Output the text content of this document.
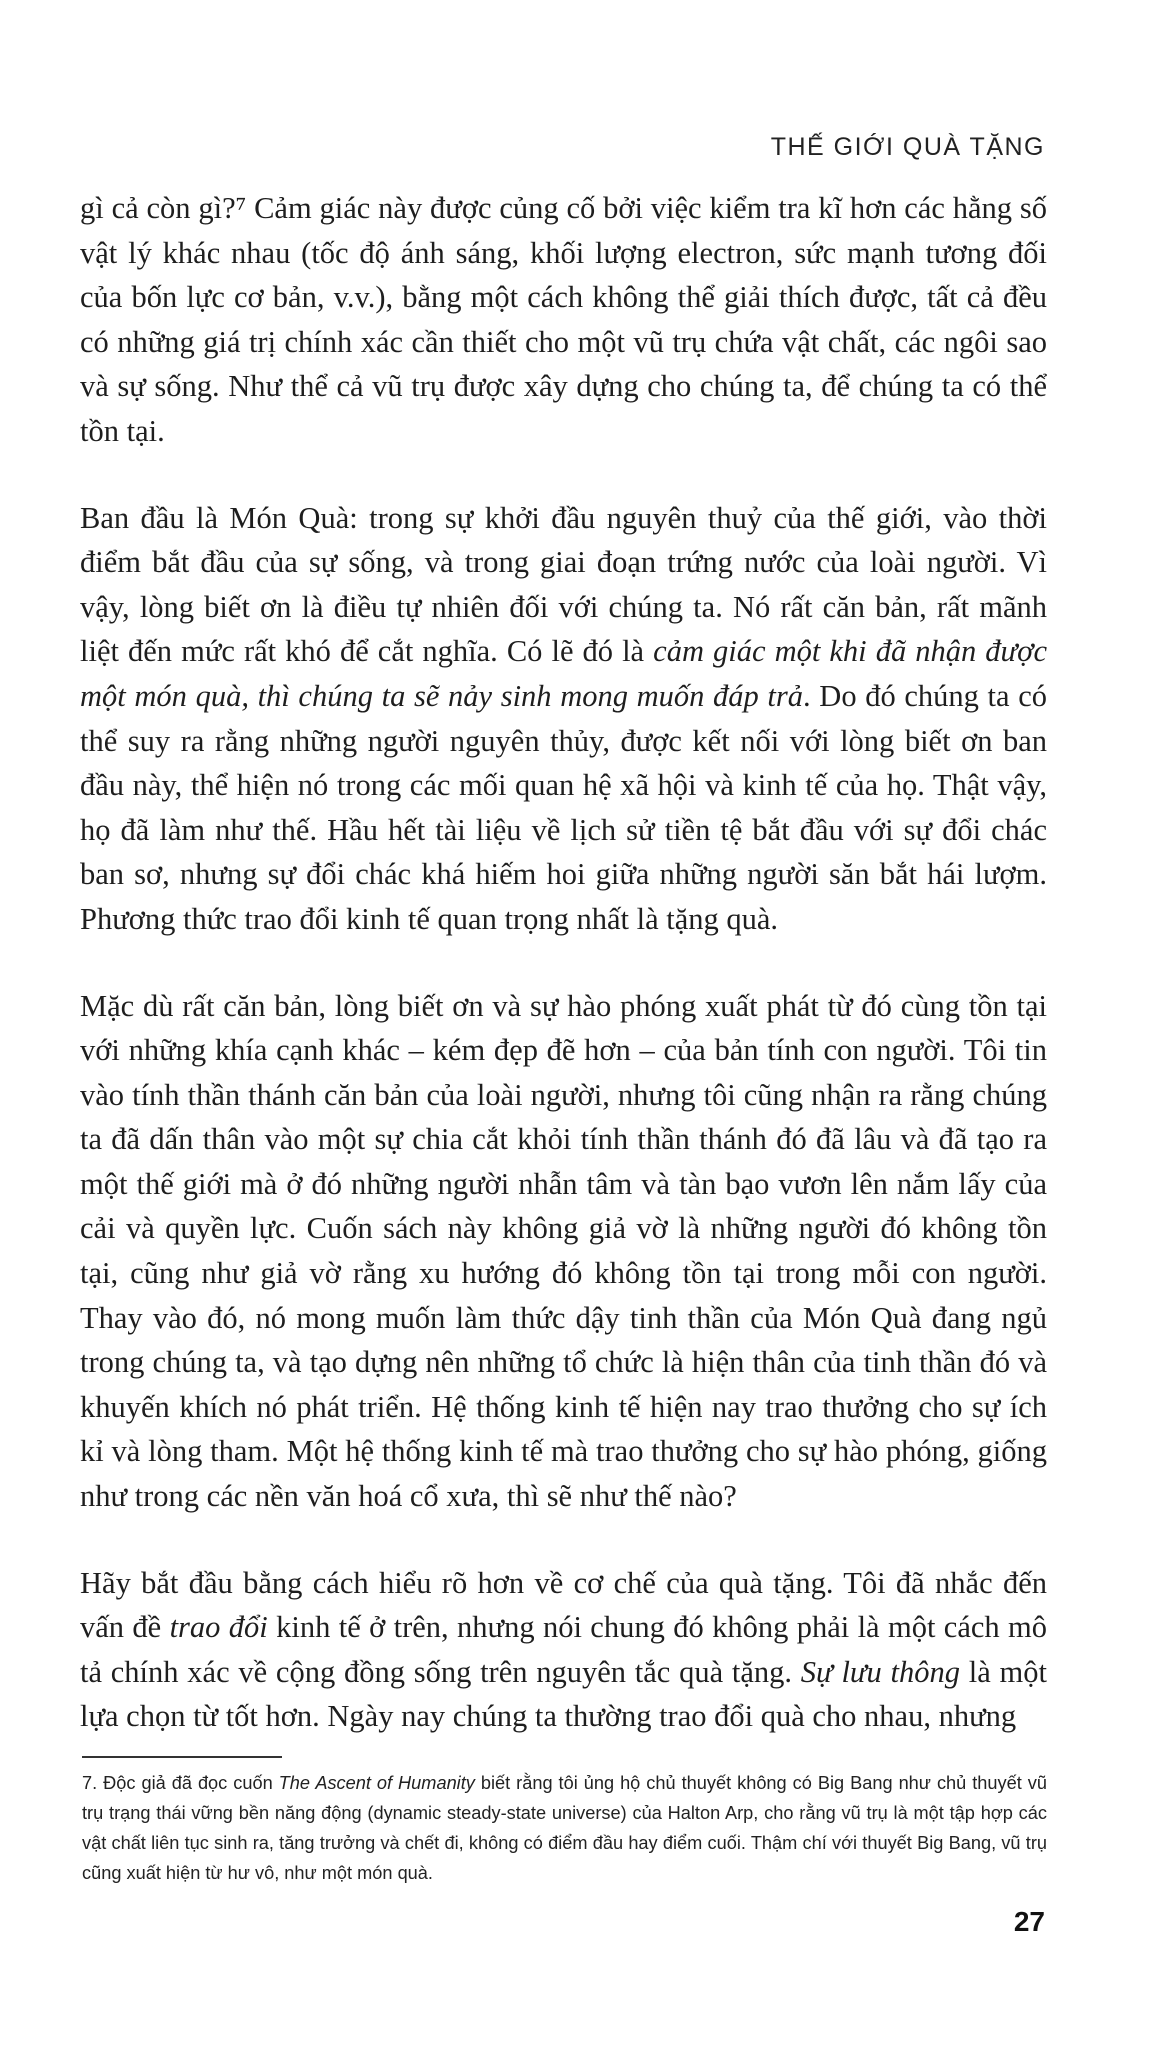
THẾ GIỚI QUÀ TẶNG

gì cả còn gì?⁷ Cảm giác này được củng cố bởi việc kiểm tra kĩ hơn các hằng số vật lý khác nhau (tốc độ ánh sáng, khối lượng electron, sức mạnh tương đối của bốn lực cơ bản, v.v.), bằng một cách không thể giải thích được, tất cả đều có những giá trị chính xác cần thiết cho một vũ trụ chứa vật chất, các ngôi sao và sự sống. Như thể cả vũ trụ được xây dựng cho chúng ta, để chúng ta có thể tồn tại.

Ban đầu là Món Quà: trong sự khởi đầu nguyên thuỷ của thế giới, vào thời điểm bắt đầu của sự sống, và trong giai đoạn trứng nước của loài người. Vì vậy, lòng biết ơn là điều tự nhiên đối với chúng ta. Nó rất căn bản, rất mãnh liệt đến mức rất khó để cắt nghĩa. Có lẽ đó là cảm giác một khi đã nhận được một món quà, thì chúng ta sẽ nảy sinh mong muốn đáp trả. Do đó chúng ta có thể suy ra rằng những người nguyên thủy, được kết nối với lòng biết ơn ban đầu này, thể hiện nó trong các mối quan hệ xã hội và kinh tế của họ. Thật vậy, họ đã làm như thế. Hầu hết tài liệu về lịch sử tiền tệ bắt đầu với sự đổi chác ban sơ, nhưng sự đổi chác khá hiếm hoi giữa những người săn bắt hái lượm. Phương thức trao đổi kinh tế quan trọng nhất là tặng quà.

Mặc dù rất căn bản, lòng biết ơn và sự hào phóng xuất phát từ đó cùng tồn tại với những khía cạnh khác – kém đẹp đẽ hơn – của bản tính con người. Tôi tin vào tính thần thánh căn bản của loài người, nhưng tôi cũng nhận ra rằng chúng ta đã dấn thân vào một sự chia cắt khỏi tính thần thánh đó đã lâu và đã tạo ra một thế giới mà ở đó những người nhẫn tâm và tàn bạo vươn lên nắm lấy của cải và quyền lực. Cuốn sách này không giả vờ là những người đó không tồn tại, cũng như giả vờ rằng xu hướng đó không tồn tại trong mỗi con người. Thay vào đó, nó mong muốn làm thức dậy tinh thần của Món Quà đang ngủ trong chúng ta, và tạo dựng nên những tổ chức là hiện thân của tinh thần đó và khuyến khích nó phát triển. Hệ thống kinh tế hiện nay trao thưởng cho sự ích kỉ và lòng tham. Một hệ thống kinh tế mà trao thưởng cho sự hào phóng, giống như trong các nền văn hoá cổ xưa, thì sẽ như thế nào?

Hãy bắt đầu bằng cách hiểu rõ hơn về cơ chế của quà tặng. Tôi đã nhắc đến vấn đề trao đổi kinh tế ở trên, nhưng nói chung đó không phải là một cách mô tả chính xác về cộng đồng sống trên nguyên tắc quà tặng. Sự lưu thông là một lựa chọn từ tốt hơn. Ngày nay chúng ta thường trao đổi quà cho nhau, nhưng

7. Độc giả đã đọc cuốn The Ascent of Humanity biết rằng tôi ủng hộ chủ thuyết không có Big Bang như chủ thuyết vũ trụ trạng thái vững bền năng động (dynamic steady-state universe) của Halton Arp, cho rằng vũ trụ là một tập hợp các vật chất liên tục sinh ra, tăng trưởng và chết đi, không có điểm đầu hay điểm cuối. Thậm chí với thuyết Big Bang, vũ trụ cũng xuất hiện từ hư vô, như một món quà.

27
